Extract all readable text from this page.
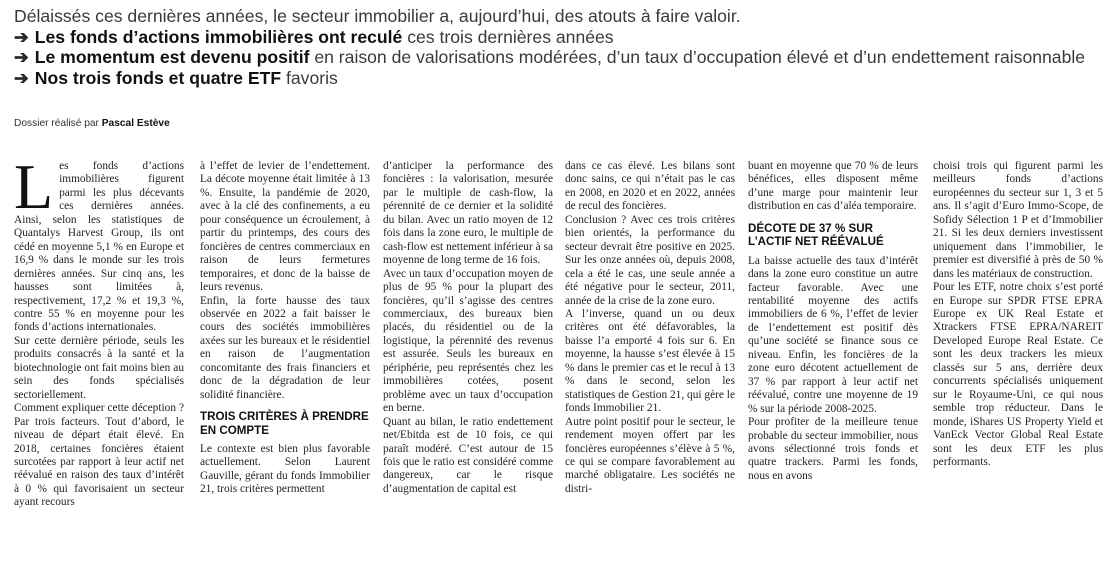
Délaissés ces dernières années, le secteur immobilier a, aujourd’hui, des atouts à faire valoir.

➔ Les fonds d’actions immobilières ont reculé ces trois dernières années

➔ Le momentum est devenu positif en raison de valorisations modérées, d’un taux d’occupation élevé et d’un endettement raisonnable

➔ Nos trois fonds et quatre ETF favoris

Dossier réalisé par Pascal Estève
L es fonds d’actions immobilières figurent parmi les plus décevants ces dernières années. Ainsi, selon les statistiques de Quantalys Harvest Group, ils ont cédé en moyenne 5,1 % en Europe et 16,9 % dans le monde sur les trois dernières années. Sur cinq ans, les hausses sont limitées à, respectivement, 17,2 % et 19,3 %, contre 55 % en moyenne pour les fonds d’actions internationales.

Sur cette dernière période, seuls les produits consacrés à la santé et la biotechnologie ont fait moins bien au sein des fonds spécialisés sectoriellement.

Comment expliquer cette déception ? Par trois facteurs. Tout d’abord, le niveau de départ était élevé. En 2018, certaines foncières étaient surcotées par rapport à leur actif net réévalué en raison des taux d’intérêt à 0 % qui favorisaient un secteur ayant recours

à l’effet de levier de l’endettement. La décote moyenne était limitée à 13 %. Ensuite, la pandémie de 2020, avec à la clé des confinements, a eu pour conséquence un écroulement, à partir du printemps, des cours des foncières de centres commerciaux en raison de leurs fermetures temporaires, et donc de la baisse de leurs revenus.

Enfin, la forte hausse des taux observée en 2022 a fait baisser le cours des sociétés immobilières axées sur les bureaux et le résidentiel en raison de l’augmentation concomitante des frais financiers et donc de la dégradation de leur solidité financière.

TROIS CRITÈRES À PRENDRE EN COMPTE

Le contexte est bien plus favorable actuellement. Selon Laurent Gauville, gérant du fonds Immobilier 21, trois critères permettent

d’anticiper la performance des foncières : la valorisation, mesurée par le multiple de cash-flow, la pérennité de ce dernier et la solidité du bilan. Avec un ratio moyen de 12 fois dans la zone euro, le multiple de cash-flow est nettement inférieur à sa moyenne de long terme de 16 fois.

Avec un taux d’occupation moyen de plus de 95 % pour la plupart des foncières, qu’il s’agisse des centres commerciaux, des bureaux bien placés, du résidentiel ou de la logistique, la pérennité des revenus est assurée. Seuls les bureaux en périphérie, peu représentés chez les immobilières cotées, posent problème avec un taux d’occupation en berne.

Quant au bilan, le ratio endettement net/Ebitda est de 10 fois, ce qui paraît modéré. C’est autour de 15 fois que le ratio est considéré comme dangereux, car le risque d’augmentation de capital est

dans ce cas élevé. Les bilans sont donc sains, ce qui n’était pas le cas en 2008, en 2020 et en 2022, années de recul des foncières.

Conclusion ? Avec ces trois critères bien orientés, la performance du secteur devrait être positive en 2025. Sur les onze années où, depuis 2008, cela a été le cas, une seule année a été négative pour le secteur, 2011, année de la crise de la zone euro.

A l’inverse, quand un ou deux critères ont été défavorables, la baisse l’a emporté 4 fois sur 6. En moyenne, la hausse s’est élevée à 15 % dans le premier cas et le recul à 13 % dans le second, selon les statistiques de Gestion 21, qui gère le fonds Immobilier 21.

Autre point positif pour le secteur, le rendement moyen offert par les foncières européennes s’élève à 5 %, ce qui se compare favorablement au marché obligataire. Les sociétés ne distri-

buant en moyenne que 70 % de leurs bénéfices, elles disposent même d’une marge pour maintenir leur distribution en cas d’aléa temporaire.

DÉCOTE DE 37 % SUR L’ACTIF NET RÉÉVALUÉ

La baisse actuelle des taux d’intérêt dans la zone euro constitue un autre facteur favorable. Avec une rentabilité moyenne des actifs immobiliers de 6 %, l’effet de levier de l’endettement est positif dès qu’une société se finance sous ce niveau. Enfin, les foncières de la zone euro décotent actuellement de 37 % par rapport à leur actif net réévalué, contre une moyenne de 19 % sur la période 2008-2025.

Pour profiter de la meilleure tenue probable du secteur immobilier, nous avons sélectionné trois fonds et quatre trackers. Parmi les fonds, nous en avons

choisi trois qui figurent parmi les meilleurs fonds d’actions européennes du secteur sur 1, 3 et 5 ans. Il s’agit d’Euro Immo-Scope, de Sofidy Sélection 1 P et d’Immobilier 21. Si les deux derniers investissent uniquement dans l’immobilier, le premier est diversifié à près de 50 % dans les matériaux de construction.

Pour les ETF, notre choix s’est porté en Europe sur SPDR FTSE EPRA Europe ex UK Real Estate et Xtrackers FTSE EPRA/NAREIT Developed Europe Real Estate. Ce sont les deux trackers les mieux classés sur 5 ans, derrière deux concurrents spécialisés uniquement sur le Royaume-Uni, ce qui nous semble trop réducteur. Dans le monde, iShares US Property Yield et VanEck Vector Global Real Estate sont les deux ETF les plus performants.
